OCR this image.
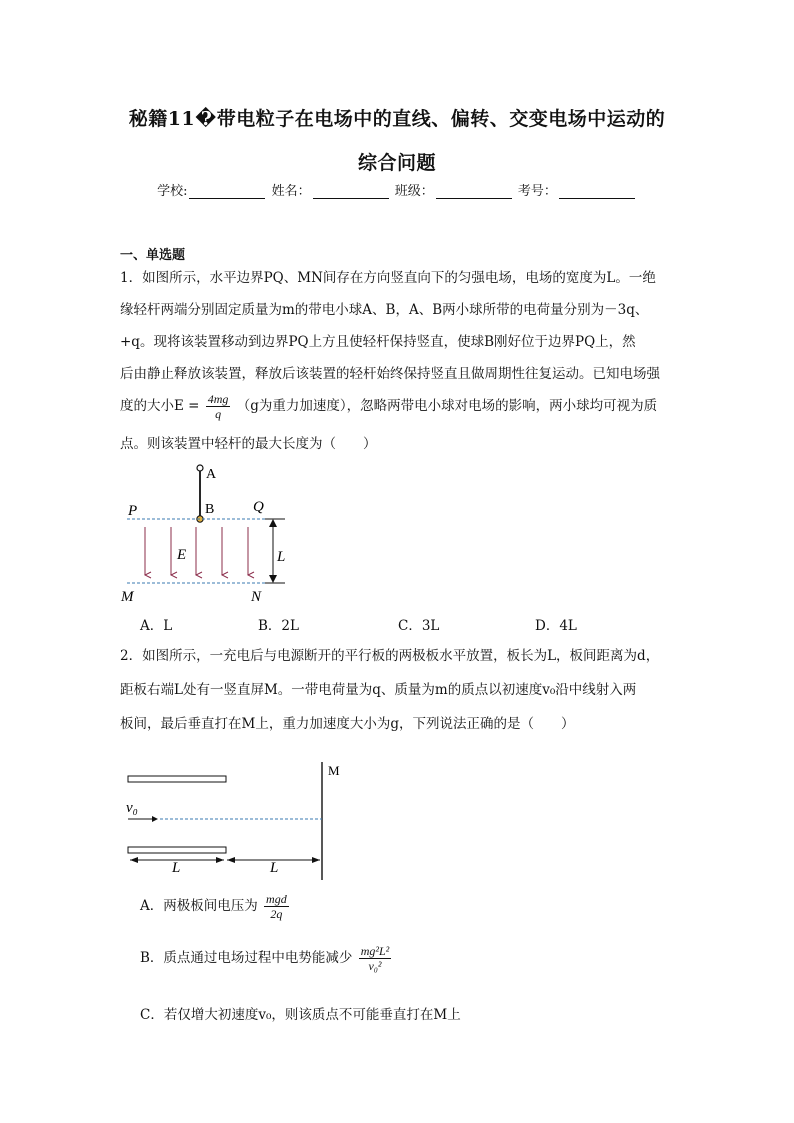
秘籍11�带电粒子在电场中的直线、偏转、交变电场中运动的
综合问题
学校:	姓名：	班级：	考号：
一、单选题
1．如图所示，水平边界PQ、MN间存在方向竖直向下的匀强电场，电场的宽度为L。一绝
缘轻杆两端分别固定质量为m的带电小球A、B，A、B两小球所带的电荷量分别为－3q、
+q。现将该装置移动到边界PQ上方且使轻杆保持竖直，使球B刚好位于边界PQ上，然
后由静止释放该装置，释放后该装置的轻杆始终保持竖直且做周期性往复运动。已知电场强
度的大小$E = \frac{4mg}{q} (g$为重力加速度），忽略两带电小球对电场的影响，两小球均可视为质
点。则该装置中轻杆的最大长度为（　　）
A
B
P	Q
M	N
E	L
A．L	B．2L	C．3L	D．4L
2．如图所示，一充电后与电源断开的平行板的两极板水平放置，板长为L，板间距离为d，
距板右端L处有一竖直屏M。一带电荷量为q、质量为m的质点以初速度v₀沿中线射入两
板间，最后垂直打在M上，重力加速度大小为g，下列说法正确的是（　　）
M
v₀
L	L
A．两极板间电压为 $\frac{\text{mgd}}{2q}$
B．质点通过电场过程中电势能减少 $\frac{\text{mg²L²}}{\text{v₀²}}$
C．若仅增大初速度v₀，则该质点不可能垂直打在M上
